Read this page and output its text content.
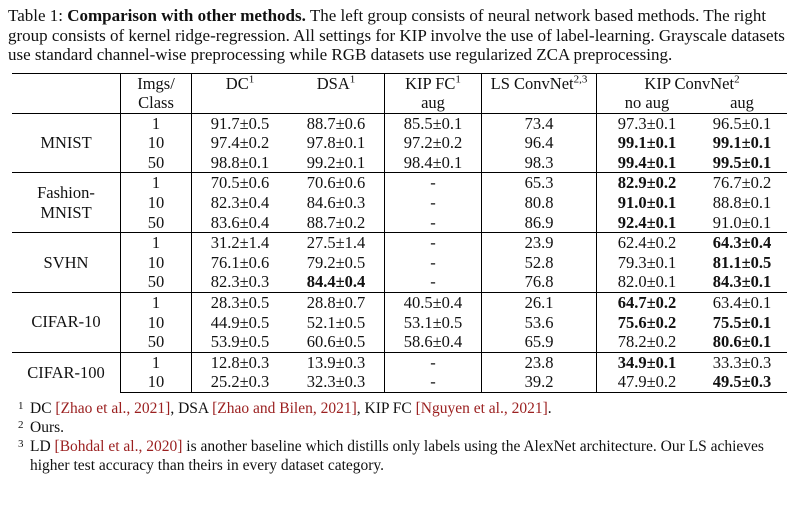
Table 1: Comparison with other methods. The left group consists of neural network based methods. The right group consists of kernel ridge-regression. All settings for KIP involve the use of label-learning. Grayscale datasets use standard channel-wise preprocessing while RGB datasets use regularized ZCA preprocessing.

	Imgs/	$DC^1$	DSA$^1$	KIP $FC^1$	LS ConvNet$^{2,3}$	KIP ConvNet$^2$
	Class			aug		no aug	aug
MNIST	1	91.7±0.5	88.7±0.6	85.5±0.1	73.4	97.3±0.1	96.5±0.1
	10	97.4±0.2	97.8±0.1	97.2±0.2	96.4	99.1±0.1	99.1±0.1
	50	98.8±0.1	99.2±0.1	98.4±0.1	98.3	99.4±0.1	99.5±0.1

Fashion-
MNIST	1	70.5±0.6	70.6±0.6	-	65.3	82.9±0.2	76.7±0.2
	10	82.3±0.4	84.6±0.3	-	80.8	91.0±0.1	88.8±0.1
	50	83.6±0.4	88.7±0.2	-	86.9	92.4±0.1	91.0±0.1
SVHN	1	31.2±1.4	27.5±1.4	-	23.9	62.4±0.2	64.3±0.4
	10	76.1±0.6	79.2±0.5	-	52.8	79.3±0.1	81.1±0.5
	50	82.3±0.3	84.4±0.4	-	76.8	82.0±0.1	84.3±0.1
CIFAR-10	1	28.3±0.5	28.8±0.7	40.5±0.4	26.1	64.7±0.2	63.4±0.1
	10	44.9±0.5	52.1±0.5	53.1±0.5	53.6	75.6±0.2	75.5±0.1
	50	53.9±0.5	60.6±0.5	58.6±0.4	65.9	78.2±0.2	80.6±0.1
CIFAR-100	1	12.8±0.3	13.9±0.3	-	23.8	34.9±0.1	33.3±0.3
	10	25.2±0.3	32.3±0.3	-	39.2	47.9±0.2	49.5±0.3
1 DC [Zhao et al., 2021], DSA [Zhao and Bilen, 2021], KIP FC [Nguyen et al., 2021].
2 Ours.
3 LD [Bohdal et al., 2020] is another baseline which distills only labels using the AlexNet architecture. Our LS achieves higher test accuracy than theirs in every dataset category.
